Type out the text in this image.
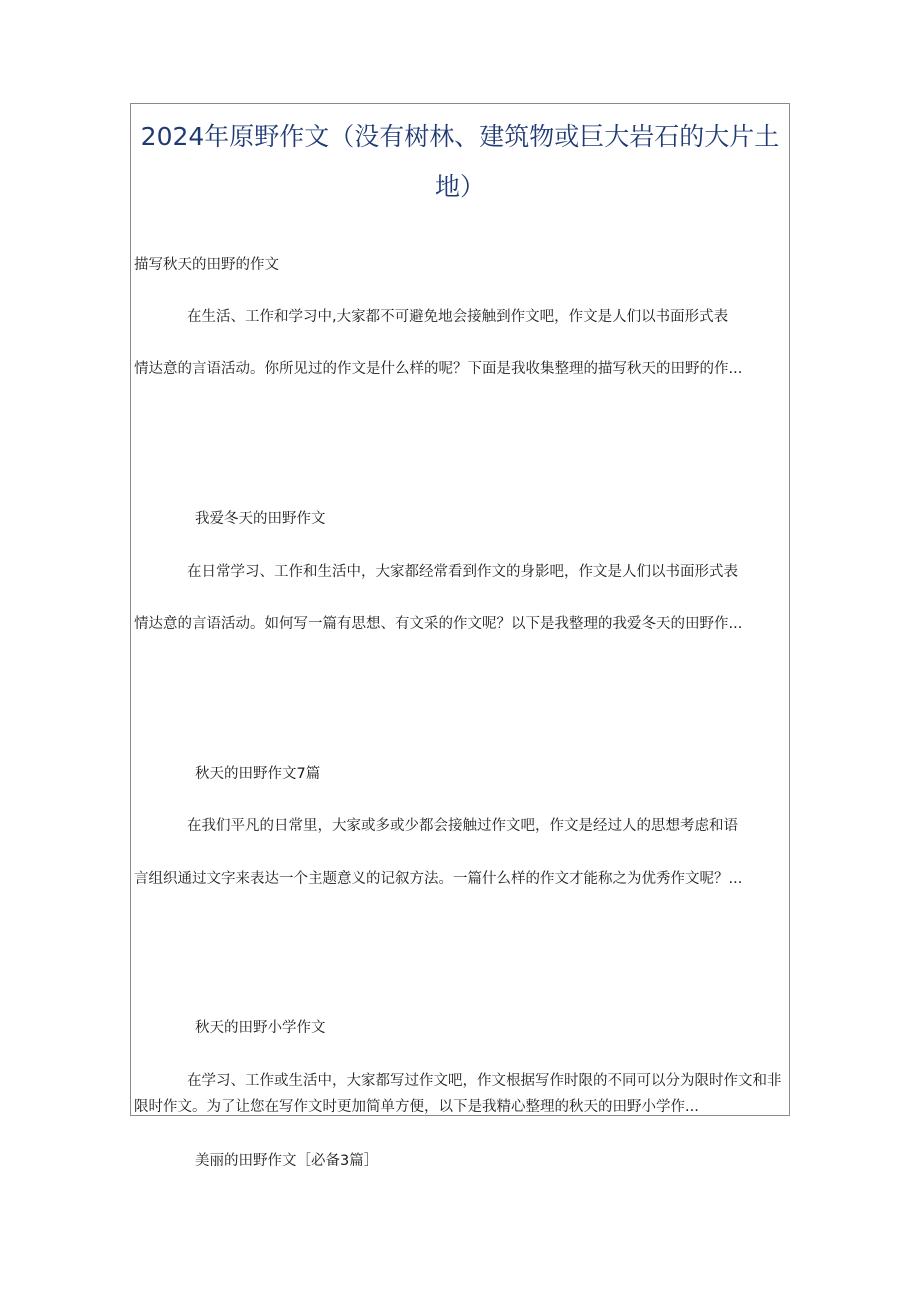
2024年原野作文（没有树林、建筑物或巨大岩石的大片土地）
描写秋天的田野的作文
在生活、工作和学习中,大家都不可避免地会接触到作文吧，作文是人们以书面形式表
情达意的言语活动。你所见过的作文是什么样的呢？下面是我收集整理的描写秋天的田野的作...
我爱冬天的田野作文
在日常学习、工作和生活中，大家都经常看到作文的身影吧，作文是人们以书面形式表
情达意的言语活动。如何写一篇有思想、有文采的作文呢？以下是我整理的我爱冬天的田野作...
秋天的田野作文7篇
在我们平凡的日常里，大家或多或少都会接触过作文吧，作文是经过人的思想考虑和语
言组织通过文字来表达一个主题意义的记叙方法。一篇什么样的作文才能称之为优秀作文呢？...
秋天的田野小学作文
在学习、工作或生活中，大家都写过作文吧，作文根据写作时限的不同可以分为限时作文和非
限时作文。为了让您在写作文时更加简单方便，以下是我精心整理的秋天的田野小学作...
美丽的田野作文［必备3篇］
